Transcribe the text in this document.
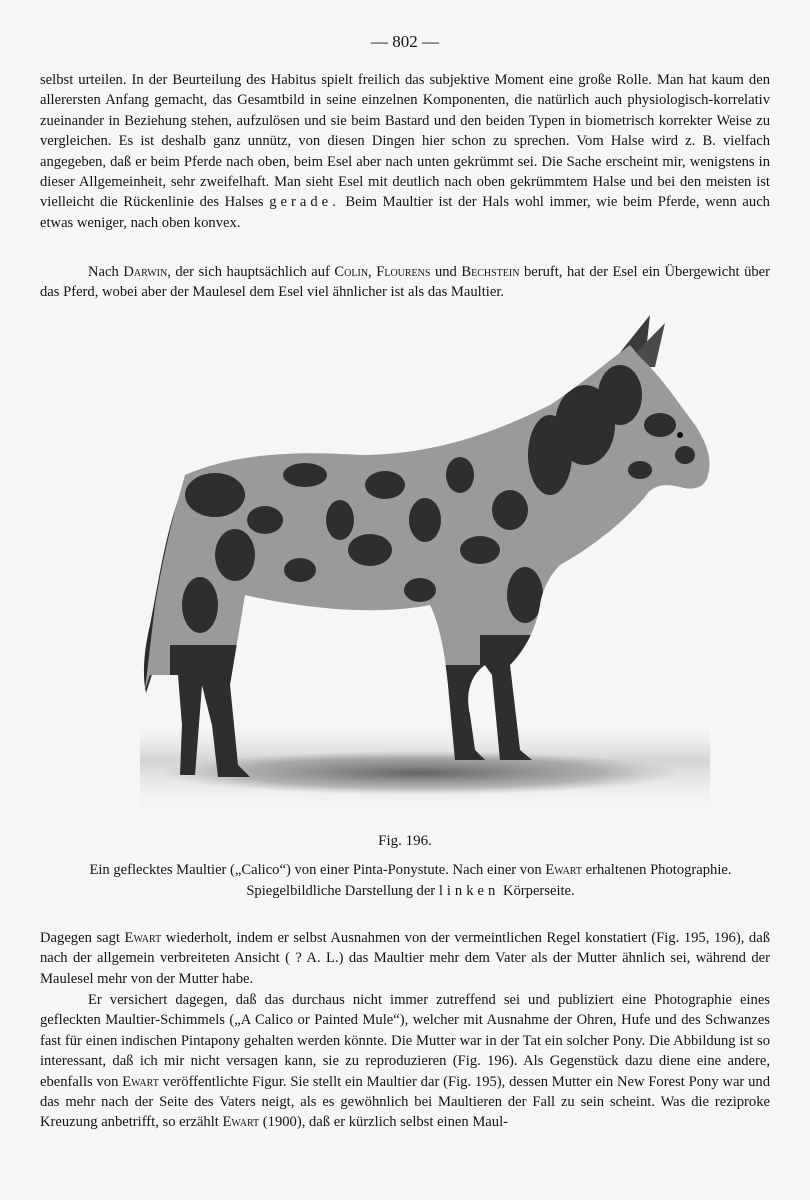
— 802 —

selbst urteilen. In der Beurteilung des Habitus spielt freilich das subjektive Moment eine große Rolle. Man hat kaum den allerersten Anfang gemacht, das Gesamtbild in seine einzelnen Komponenten, die natürlich auch physiologisch-korrelativ zueinander in Beziehung stehen, aufzulösen und sie beim Bastard und den beiden Typen in biometrisch korrekter Weise zu vergleichen. Es ist deshalb ganz unnütz, von diesen Dingen hier schon zu sprechen. Vom Halse wird z. B. vielfach angegeben, daß er beim Pferde nach oben, beim Esel aber nach unten gekrümmt sei. Die Sache erscheint mir, wenigstens in dieser Allgemeinheit, sehr zweifelhaft. Man sieht Esel mit deutlich nach oben gekrümmtem Halse und bei den meisten ist vielleicht die Rückenlinie des Halses gerade. Beim Maultier ist der Hals wohl immer, wie beim Pferde, wenn auch etwas weniger, nach oben konvex.

Nach Darwin, der sich hauptsächlich auf Colin, Flourens und Bechstein beruft, hat der Esel ein Übergewicht über das Pferd, wobei aber der Maulesel dem Esel viel ähnlicher ist als das Maultier.

Fig. 196.

Ein geflecktes Maultier („Calico“) von einer Pinta-Ponystute. Nach einer von Ewart erhaltenen Photographie. Spiegelbildliche Darstellung der linken Körperseite.

Dagegen sagt Ewart wiederholt, indem er selbst Ausnahmen von der vermeintlichen Regel konstatiert (Fig. 195, 196), daß nach der allgemein verbreiteten Ansicht ( ? A. L.) das Maultier mehr dem Vater als der Mutter ähnlich sei, während der Maulesel mehr von der Mutter habe.

Er versichert dagegen, daß das durchaus nicht immer zutreffend sei und publiziert eine Photographie eines gefleckten Maultier-Schimmels („A Calico or Painted Mule“), welcher mit Ausnahme der Ohren, Hufe und des Schwanzes fast für einen indischen Pintapony gehalten werden könnte. Die Mutter war in der Tat ein solcher Pony. Die Abbildung ist so interessant, daß ich mir nicht versagen kann, sie zu reproduzieren (Fig. 196). Als Gegenstück dazu diene eine andere, ebenfalls von Ewart veröffentlichte Figur. Sie stellt ein Maultier dar (Fig. 195), dessen Mutter ein New Forest Pony war und das mehr nach der Seite des Vaters neigt, als es gewöhnlich bei Maultieren der Fall zu sein scheint. Was die reziproke Kreuzung anbetrifft, so erzählt Ewart (1900), daß er kürzlich selbst einen Maul-
